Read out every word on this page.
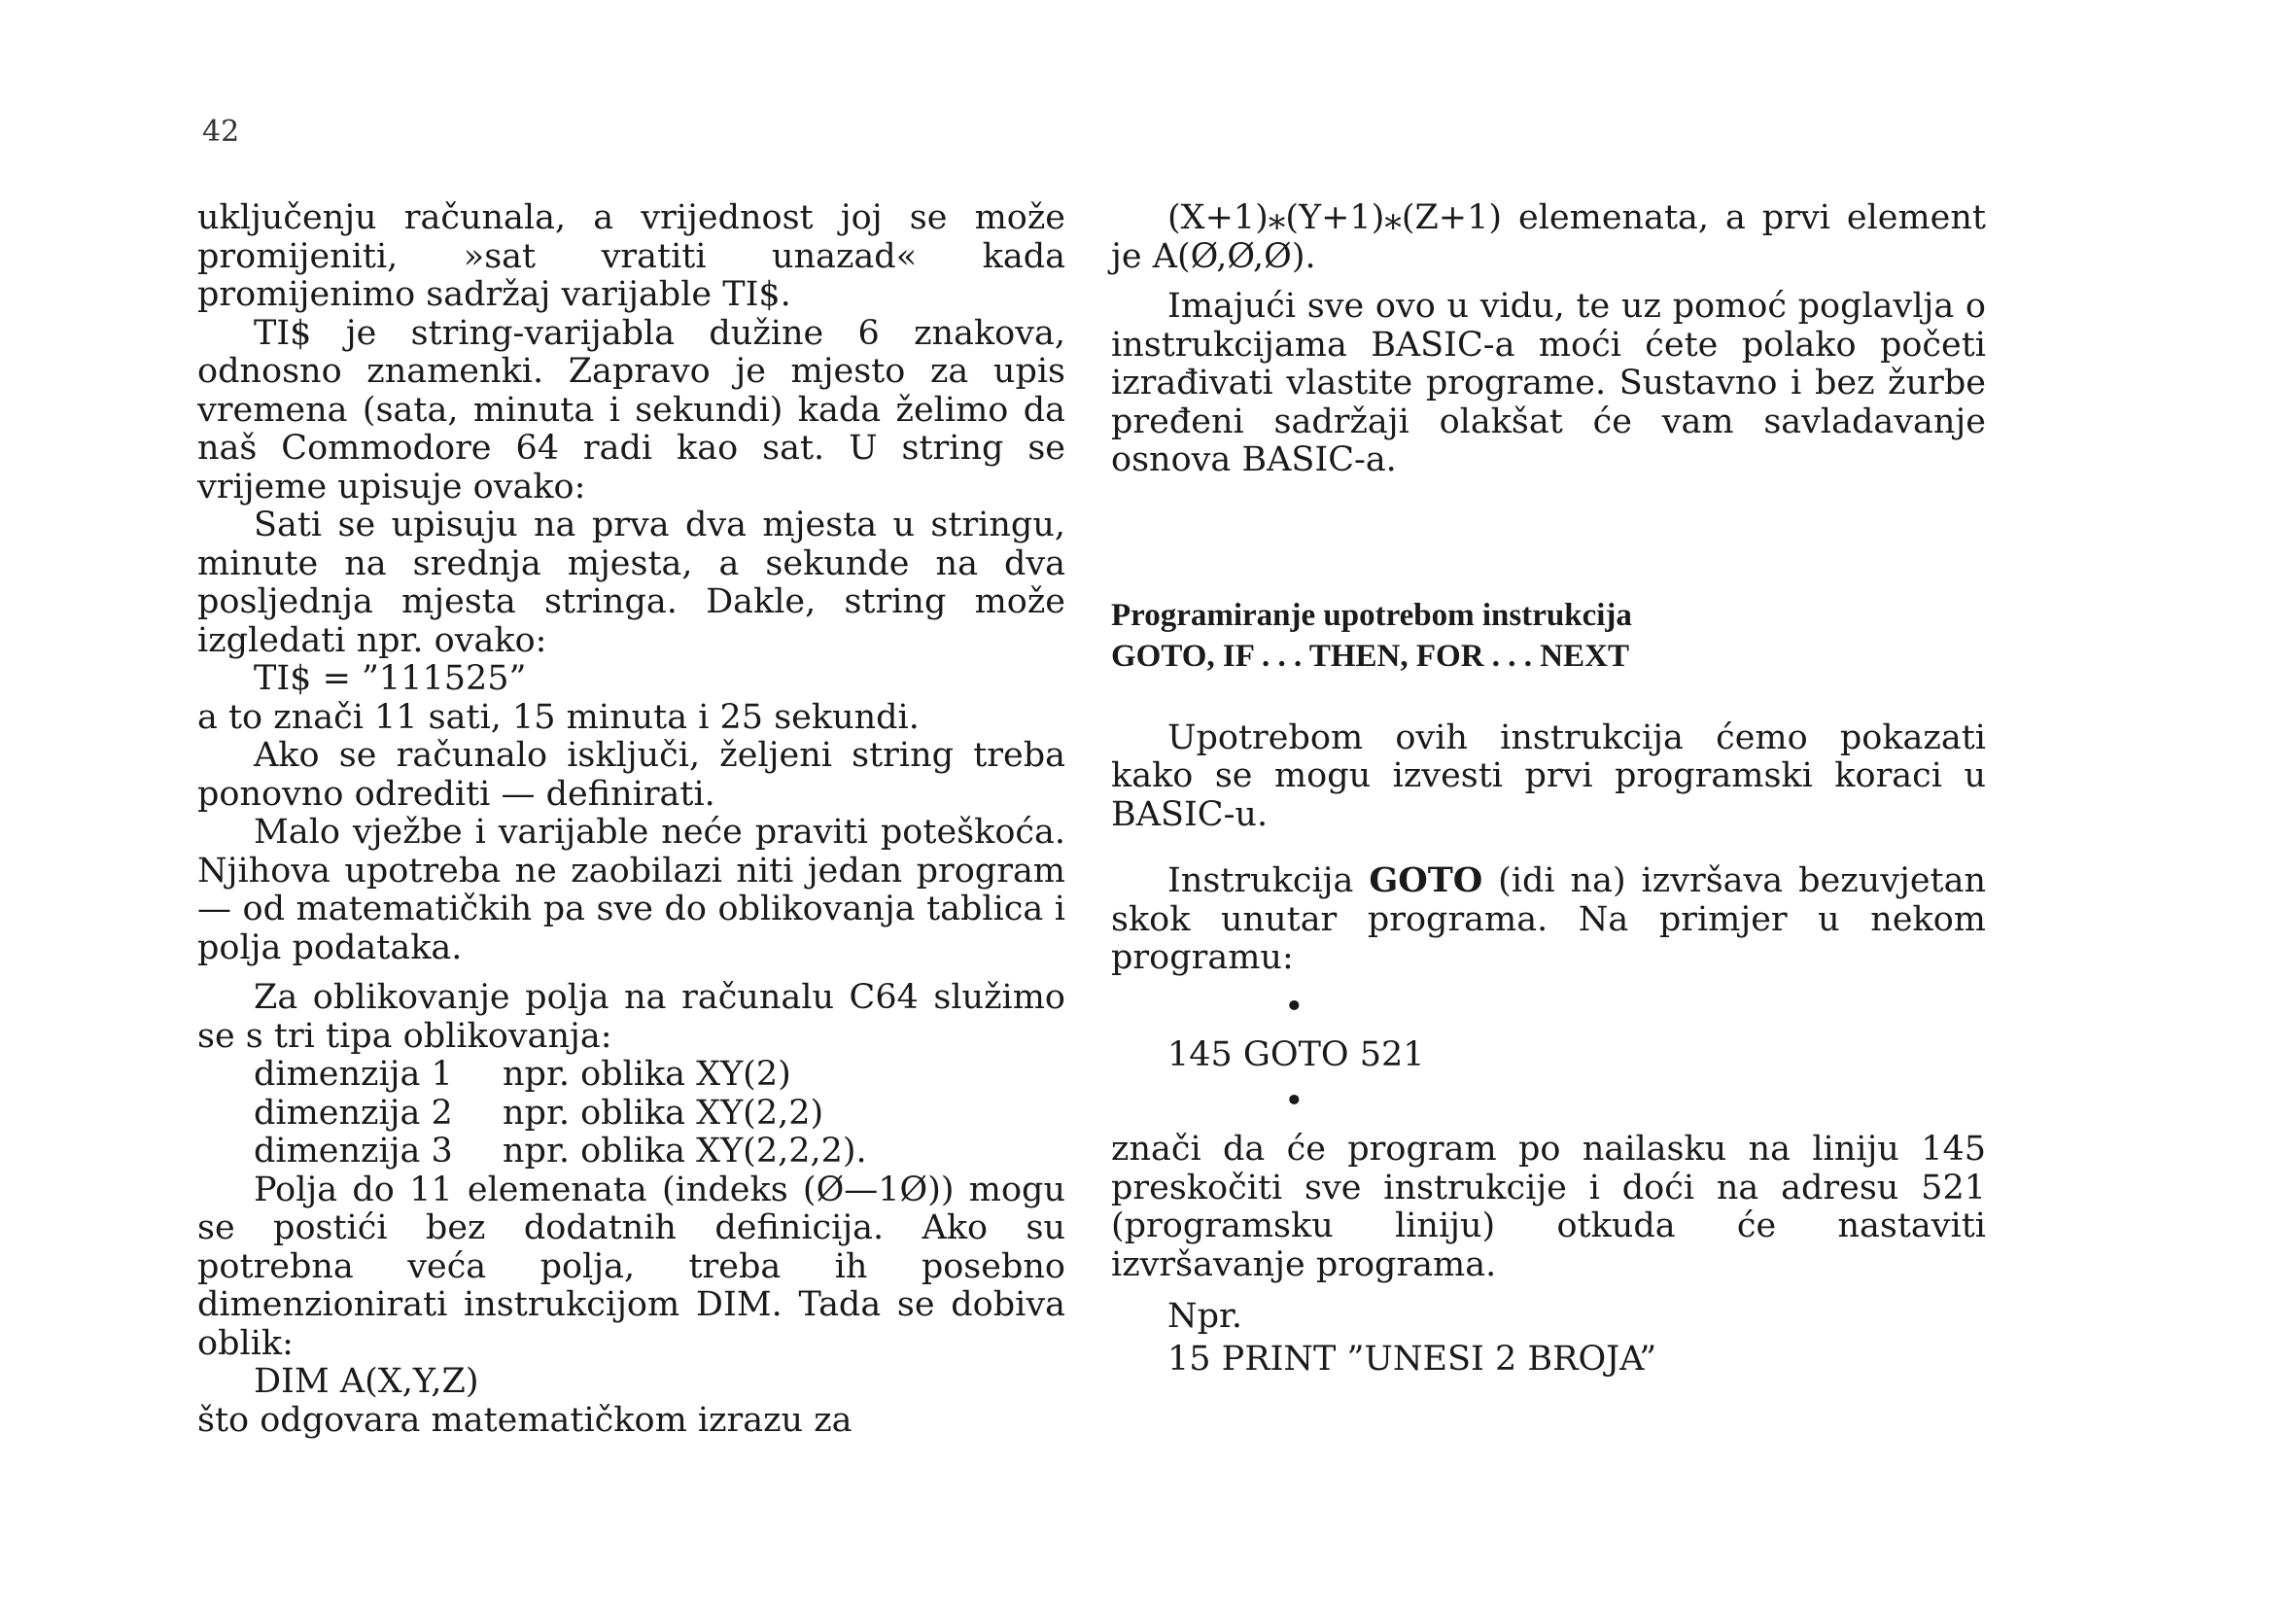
42

uključenju računala, a vrijednost joj se može promijeniti, »sat vratiti unazad« kada promijenimo sadržaj varijable TI$.

TI$ je string-varijabla dužine 6 znakova, odnosno znamenki. Zapravo je mjesto za upis vremena (sata, minuta i sekundi) kada želimo da naš Commodore 64 radi kao sat. U string se vrijeme upisuje ovako:

Sati se upisuju na prva dva mjesta u stringu, minute na srednja mjesta, a sekunde na dva posljednja mjesta stringa. Dakle, string može izgledati npr. ovako:

TI$ = ”111525”

a to znači 11 sati, 15 minuta i 25 sekundi.

Ako se računalo isključi, željeni string treba ponovno odrediti — definirati.

Malo vježbe i varijable neće praviti poteškoća. Njihova upotreba ne zaobilazi niti jedan program — od matematičkih pa sve do oblikovanja tablica i polja podataka.

Za oblikovanje polja na računalu C64 služimo se s tri tipa oblikovanja:

dimenzija 1	npr. oblika XY(2)
dimenzija 2	npr. oblika XY(2,2)
dimenzija 3	npr. oblika XY(2,2,2).

Polja do 11 elemenata (indeks (Ø—1Ø)) mogu se postići bez dodatnih definicija. Ako su potrebna veća polja, treba ih posebno dimenzionirati instrukcijom DIM. Tada se dobiva oblik:

DIM A(X,Y,Z)

što odgovara matematičkom izrazu za

(X+1)⁎(Y+1)⁎(Z+1) elemenata, a prvi element je A(Ø,Ø,Ø).

Imajući sve ovo u vidu, te uz pomoć poglavlja o instrukcijama BASIC-a moći ćete polako početi izrađivati vlastite programe. Sustavno i bez žurbe pređeni sadržaji olakšat će vam savladavanje osnova BASIC-a.

Programiranje upotrebom instrukcija
GOTO, IF . . . THEN, FOR . . . NEXT

Upotrebom ovih instrukcija ćemo pokazati kako se mogu izvesti prvi programski koraci u BASIC-u.

Instrukcija GOTO (idi na) izvršava bezuvjetan skok unutar programa. Na primjer u nekom programu:

•
145 GOTO 521
•

znači da će program po nailasku na liniju 145 preskočiti sve instrukcije i doći na adresu 521 (programsku liniju) otkuda će nastaviti izvršavanje programa.

Npr.
15 PRINT ”UNESI 2 BROJA”
